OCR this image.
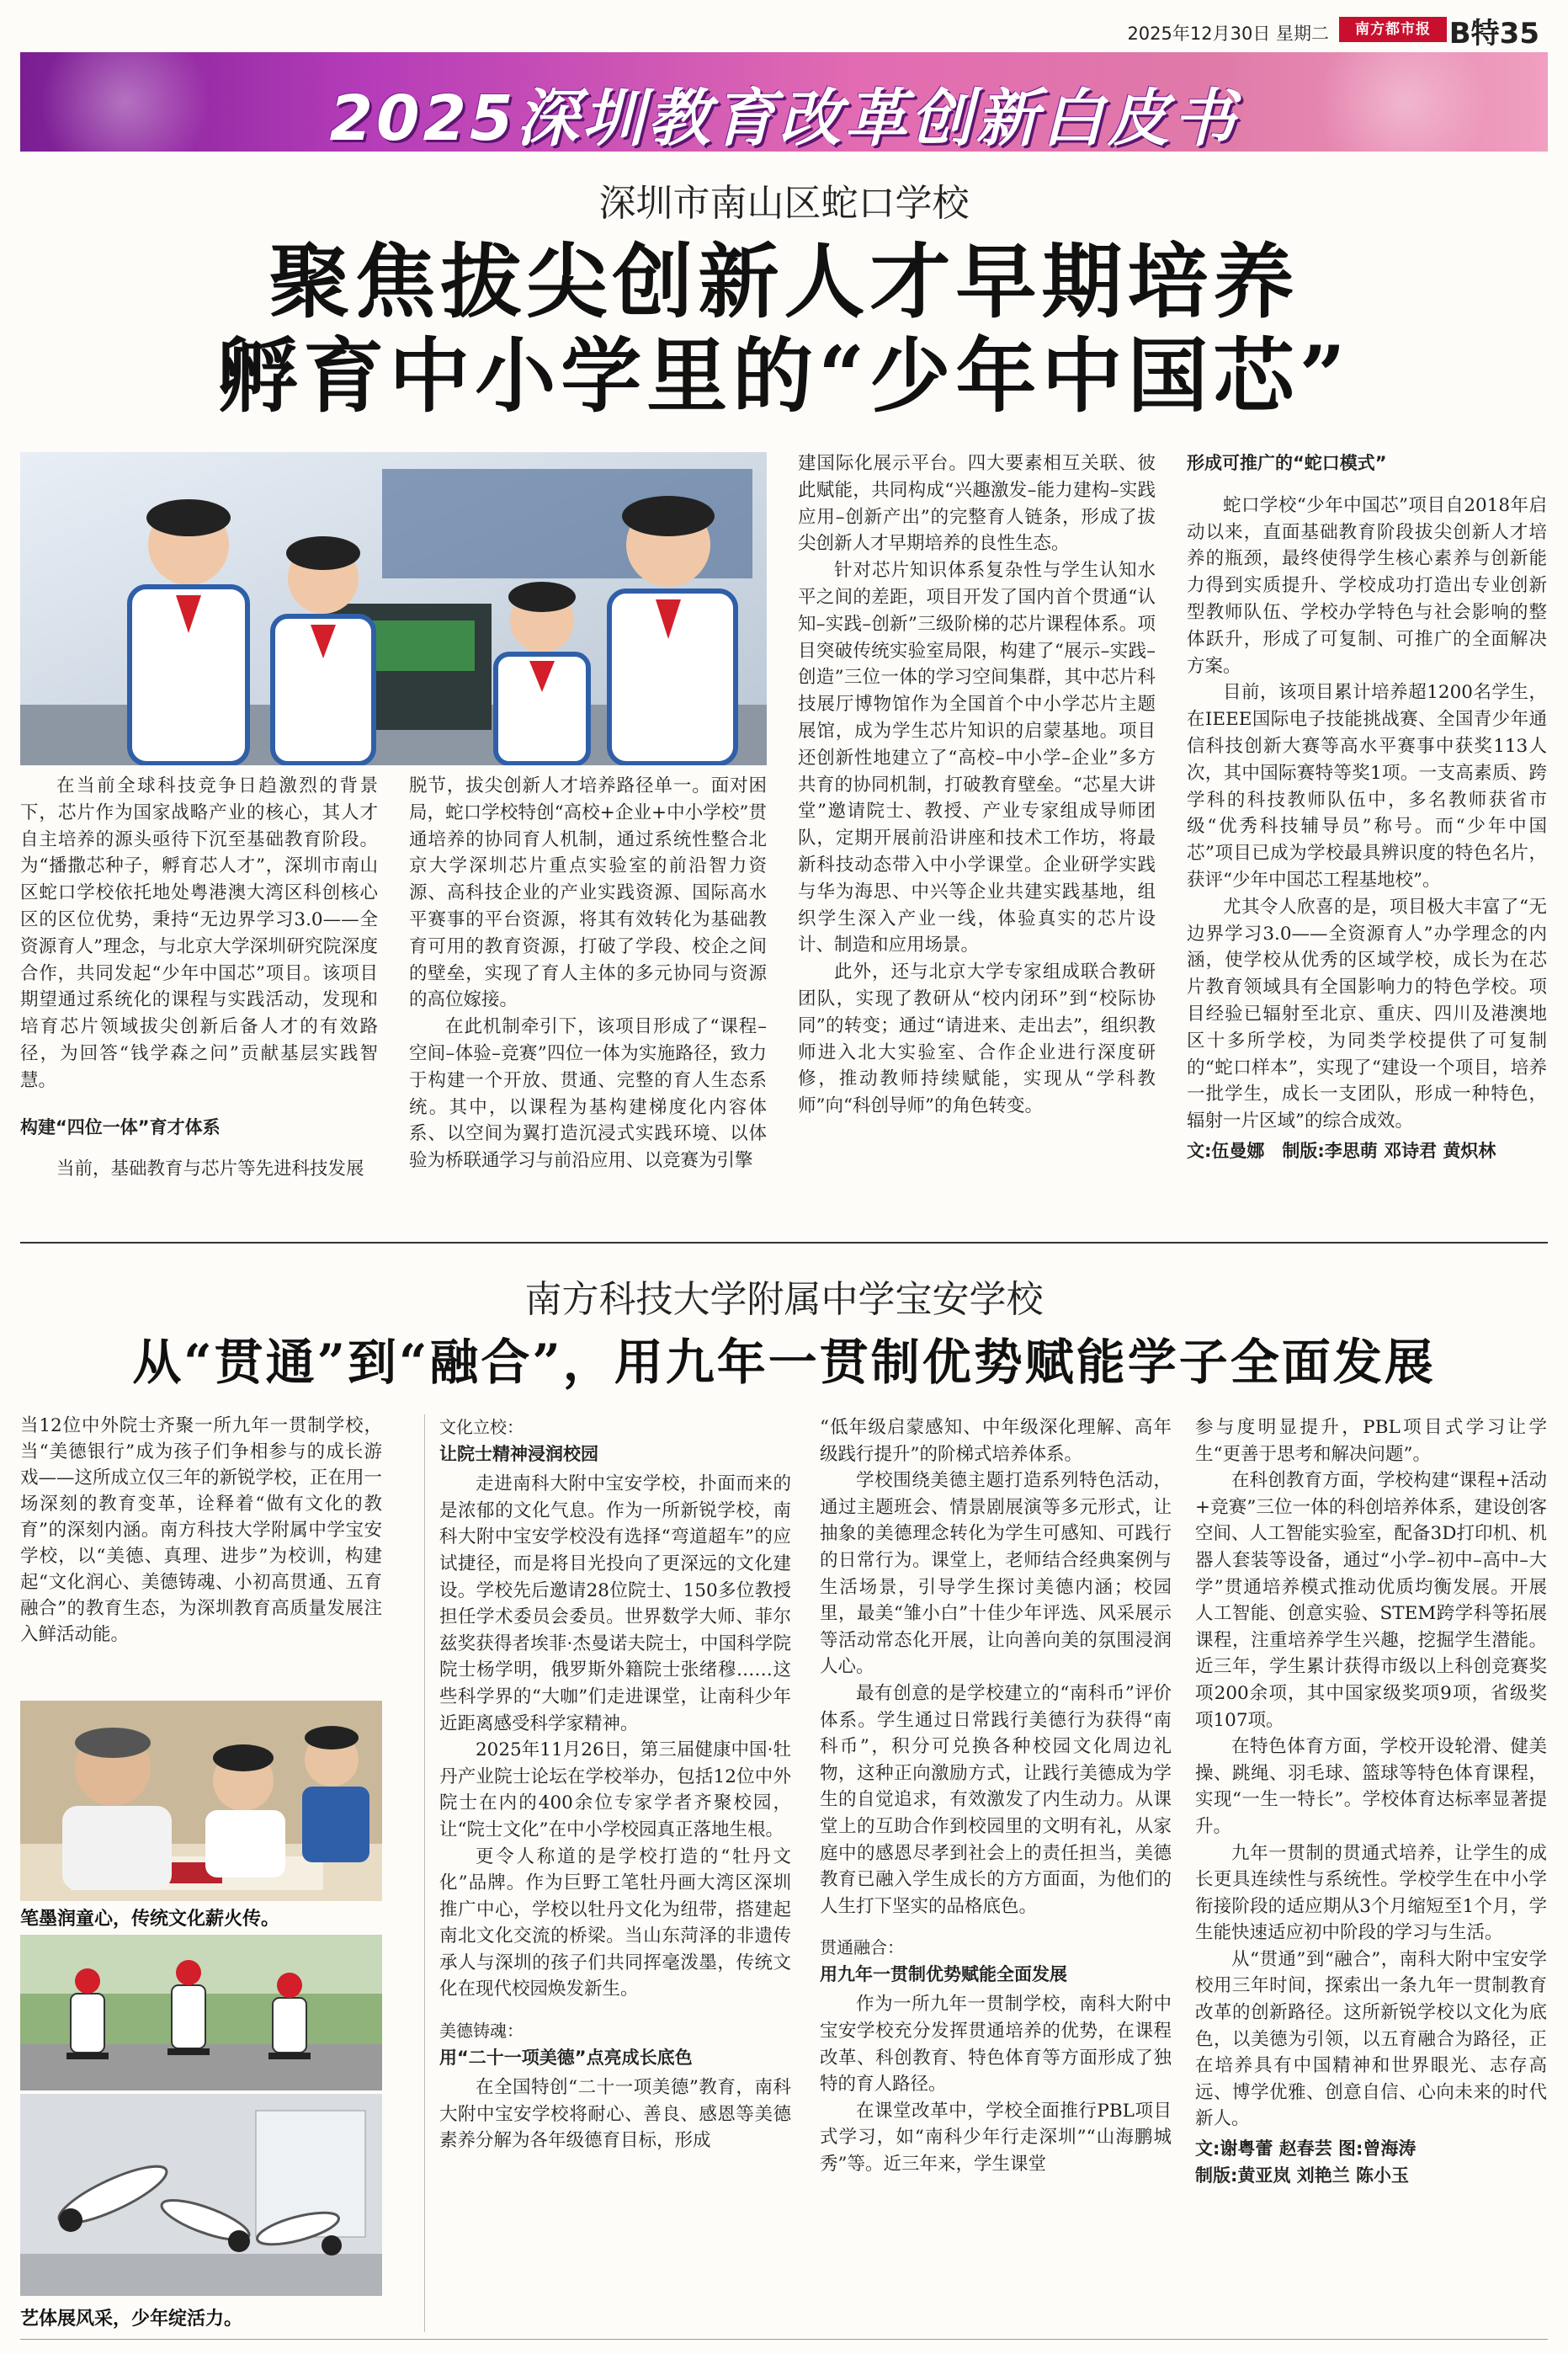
2025年12月30日 星期二	南方都市报 B特35
2025深圳教育改革创新白皮书
深圳市南山区蛇口学校
聚焦拔尖创新人才早期培养
孵育中小学里的“少年中国芯”

在当前全球科技竞争日趋激烈的背景下，芯片作为国家战略产业的核心，其人才自主培养的源头亟待下沉至基础教育阶段。为“播撒芯种子，孵育芯人才”，深圳市南山区蛇口学校依托地处粤港澳大湾区科创核心区的区位优势，秉持“无边界学习3.0——全资源育人”理念，与北京大学深圳研究院深度合作，共同发起“少年中国芯”项目。该项目期望通过系统化的课程与实践活动，发现和培育芯片领域拔尖创新后备人才的有效路径，为回答“钱学森之问”贡献基层实践智慧。

构建“四位一体”育才体系

当前，基础教育与芯片等先进科技发展

脱节，拔尖创新人才培养路径单一。面对困局，蛇口学校特创“高校+企业+中小学校”贯通培养的协同育人机制，通过系统性整合北京大学深圳芯片重点实验室的前沿智力资源、高科技企业的产业实践资源、国际高水平赛事的平台资源，将其有效转化为基础教育可用的教育资源，打破了学段、校企之间的壁垒，实现了育人主体的多元协同与资源的高位嫁接。

在此机制牵引下，该项目形成了“课程–空间–体验–竞赛”四位一体为实施路径，致力于构建一个开放、贯通、完整的育人生态系统。其中，以课程为基构建梯度化内容体系、以空间为翼打造沉浸式实践环境、以体验为桥联通学习与前沿应用、以竞赛为引擎

建国际化展示平台。四大要素相互关联、彼此赋能，共同构成“兴趣激发–能力建构–实践应用–创新产出”的完整育人链条，形成了拔尖创新人才早期培养的良性生态。

针对芯片知识体系复杂性与学生认知水平之间的差距，项目开发了国内首个贯通“认知–实践–创新”三级阶梯的芯片课程体系。项目突破传统实验室局限，构建了“展示–实践–创造”三位一体的学习空间集群，其中芯片科技展厅博物馆作为全国首个中小学芯片主题展馆，成为学生芯片知识的启蒙基地。项目还创新性地建立了“高校–中小学–企业”多方共育的协同机制，打破教育壁垒。“芯星大讲堂”邀请院士、教授、产业专家组成导师团队，定期开展前沿讲座和技术工作坊，将最新科技动态带入中小学课堂。企业研学实践与华为海思、中兴等企业共建实践基地，组织学生深入产业一线，体验真实的芯片设计、制造和应用场景。

此外，还与北京大学专家组成联合教研团队，实现了教研从“校内闭环”到“校际协同”的转变；通过“请进来、走出去”，组织教师进入北大实验室、合作企业进行深度研修，推动教师持续赋能，实现从“学科教师”向“科创导师”的角色转变。

形成可推广的“蛇口模式”

蛇口学校“少年中国芯”项目自2018年启动以来，直面基础教育阶段拔尖创新人才培养的瓶颈，最终使得学生核心素养与创新能力得到实质提升、学校成功打造出专业创新型教师队伍、学校办学特色与社会影响的整体跃升，形成了可复制、可推广的全面解决方案。

目前，该项目累计培养超1200名学生，在IEEE国际电子技能挑战赛、全国青少年通信科技创新大赛等高水平赛事中获奖113人次，其中国际赛特等奖1项。一支高素质、跨学科的科技教师队伍中，多名教师获省市级“优秀科技辅导员”称号。而“少年中国芯”项目已成为学校最具辨识度的特色名片，获评“少年中国芯工程基地校”。

尤其令人欣喜的是，项目极大丰富了“无边界学习3.0——全资源育人”办学理念的内涵，使学校从优秀的区域学校，成长为在芯片教育领域具有全国影响力的特色学校。项目经验已辐射至北京、重庆、四川及港澳地区十多所学校，为同类学校提供了可复制的“蛇口样本”，实现了“建设一个项目，培养一批学生，成长一支团队，形成一种特色，辐射一片区域”的综合成效。

文:伍曼娜　制版:李思萌 邓诗君 黄炽林
南方科技大学附属中学宝安学校
从“贯通”到“融合”，用九年一贯制优势赋能学子全面发展

当12位中外院士齐聚一所九年一贯制学校，当“美德银行”成为孩子们争相参与的成长游戏——这所成立仅三年的新锐学校，正在用一场深刻的教育变革，诠释着“做有文化的教育”的深刻内涵。南方科技大学附属中学宝安学校，以“美德、真理、进步”为校训，构建起“文化润心、美德铸魂、小初高贯通、五育融合”的教育生态，为深圳教育高质量发展注入鲜活动能。

笔墨润童心，传统文化薪火传。
艺体展风采，少年绽活力。
文化立校：
让院士精神浸润校园

走进南科大附中宝安学校，扑面而来的是浓郁的文化气息。作为一所新锐学校，南科大附中宝安学校没有选择“弯道超车”的应试捷径，而是将目光投向了更深远的文化建设。学校先后邀请28位院士、150多位教授担任学术委员会委员。世界数学大师、菲尔兹奖获得者埃菲·杰曼诺夫院士，中国科学院院士杨学明，俄罗斯外籍院士张绪穆……这些科学界的“大咖”们走进课堂，让南科少年近距离感受科学家精神。

2025年11月26日，第三届健康中国·牡丹产业院士论坛在学校举办，包括12位中外院士在内的400余位专家学者齐聚校园，让“院士文化”在中小学校园真正落地生根。

更令人称道的是学校打造的“牡丹文化”品牌。作为巨野工笔牡丹画大湾区深圳推广中心，学校以牡丹文化为纽带，搭建起南北文化交流的桥梁。当山东菏泽的非遗传承人与深圳的孩子们共同挥毫泼墨，传统文化在现代校园焕发新生。

美德铸魂：
用“二十一项美德”点亮成长底色

在全国特创“二十一项美德”教育，南科大附中宝安学校将耐心、善良、感恩等美德素养分解为各年级德育目标，形成

“低年级启蒙感知、中年级深化理解、高年级践行提升”的阶梯式培养体系。

学校围绕美德主题打造系列特色活动，通过主题班会、情景剧展演等多元形式，让抽象的美德理念转化为学生可感知、可践行的日常行为。课堂上，老师结合经典案例与生活场景，引导学生探讨美德内涵；校园里，最美“雏小白”十佳少年评选、风采展示等活动常态化开展，让向善向美的氛围浸润人心。

最有创意的是学校建立的“南科币”评价体系。学生通过日常践行美德行为获得“南科币”，积分可兑换各种校园文化周边礼物，这种正向激励方式，让践行美德成为学生的自觉追求，有效激发了内生动力。从课堂上的互助合作到校园里的文明有礼，从家庭中的感恩尽孝到社会上的责任担当，美德教育已融入学生成长的方方面面，为他们的人生打下坚实的品格底色。

贯通融合：
用九年一贯制优势赋能全面发展

作为一所九年一贯制学校，南科大附中宝安学校充分发挥贯通培养的优势，在课程改革、科创教育、特色体育等方面形成了独特的育人路径。

在课堂改革中，学校全面推行PBL项目式学习，如“南科少年行走深圳”“山海鹏城秀”等。近三年来，学生课堂

参与度明显提升，PBL项目式学习让学生“更善于思考和解决问题”。

在科创教育方面，学校构建“课程+活动+竞赛”三位一体的科创培养体系，建设创客空间、人工智能实验室，配备3D打印机、机器人套装等设备，通过“小学–初中–高中–大学”贯通培养模式推动优质均衡发展。开展人工智能、创意实验、STEM跨学科等拓展课程，注重培养学生兴趣，挖掘学生潜能。近三年，学生累计获得市级以上科创竞赛奖项200余项，其中国家级奖项9项，省级奖项107项。

在特色体育方面，学校开设轮滑、健美操、跳绳、羽毛球、篮球等特色体育课程，实现“一生一特长”。学校体育达标率显著提升。

九年一贯制的贯通式培养，让学生的成长更具连续性与系统性。学校学生在中小学衔接阶段的适应期从3个月缩短至1个月，学生能快速适应初中阶段的学习与生活。

从“贯通”到“融合”，南科大附中宝安学校用三年时间，探索出一条九年一贯制教育改革的创新路径。这所新锐学校以文化为底色，以美德为引领，以五育融合为路径，正在培养具有中国精神和世界眼光、志存高远、博学优雅、创意自信、心向未来的时代新人。

文:谢粤蕾 赵春芸 图:曾海涛
制版:黄亚岚 刘艳兰 陈小玉
